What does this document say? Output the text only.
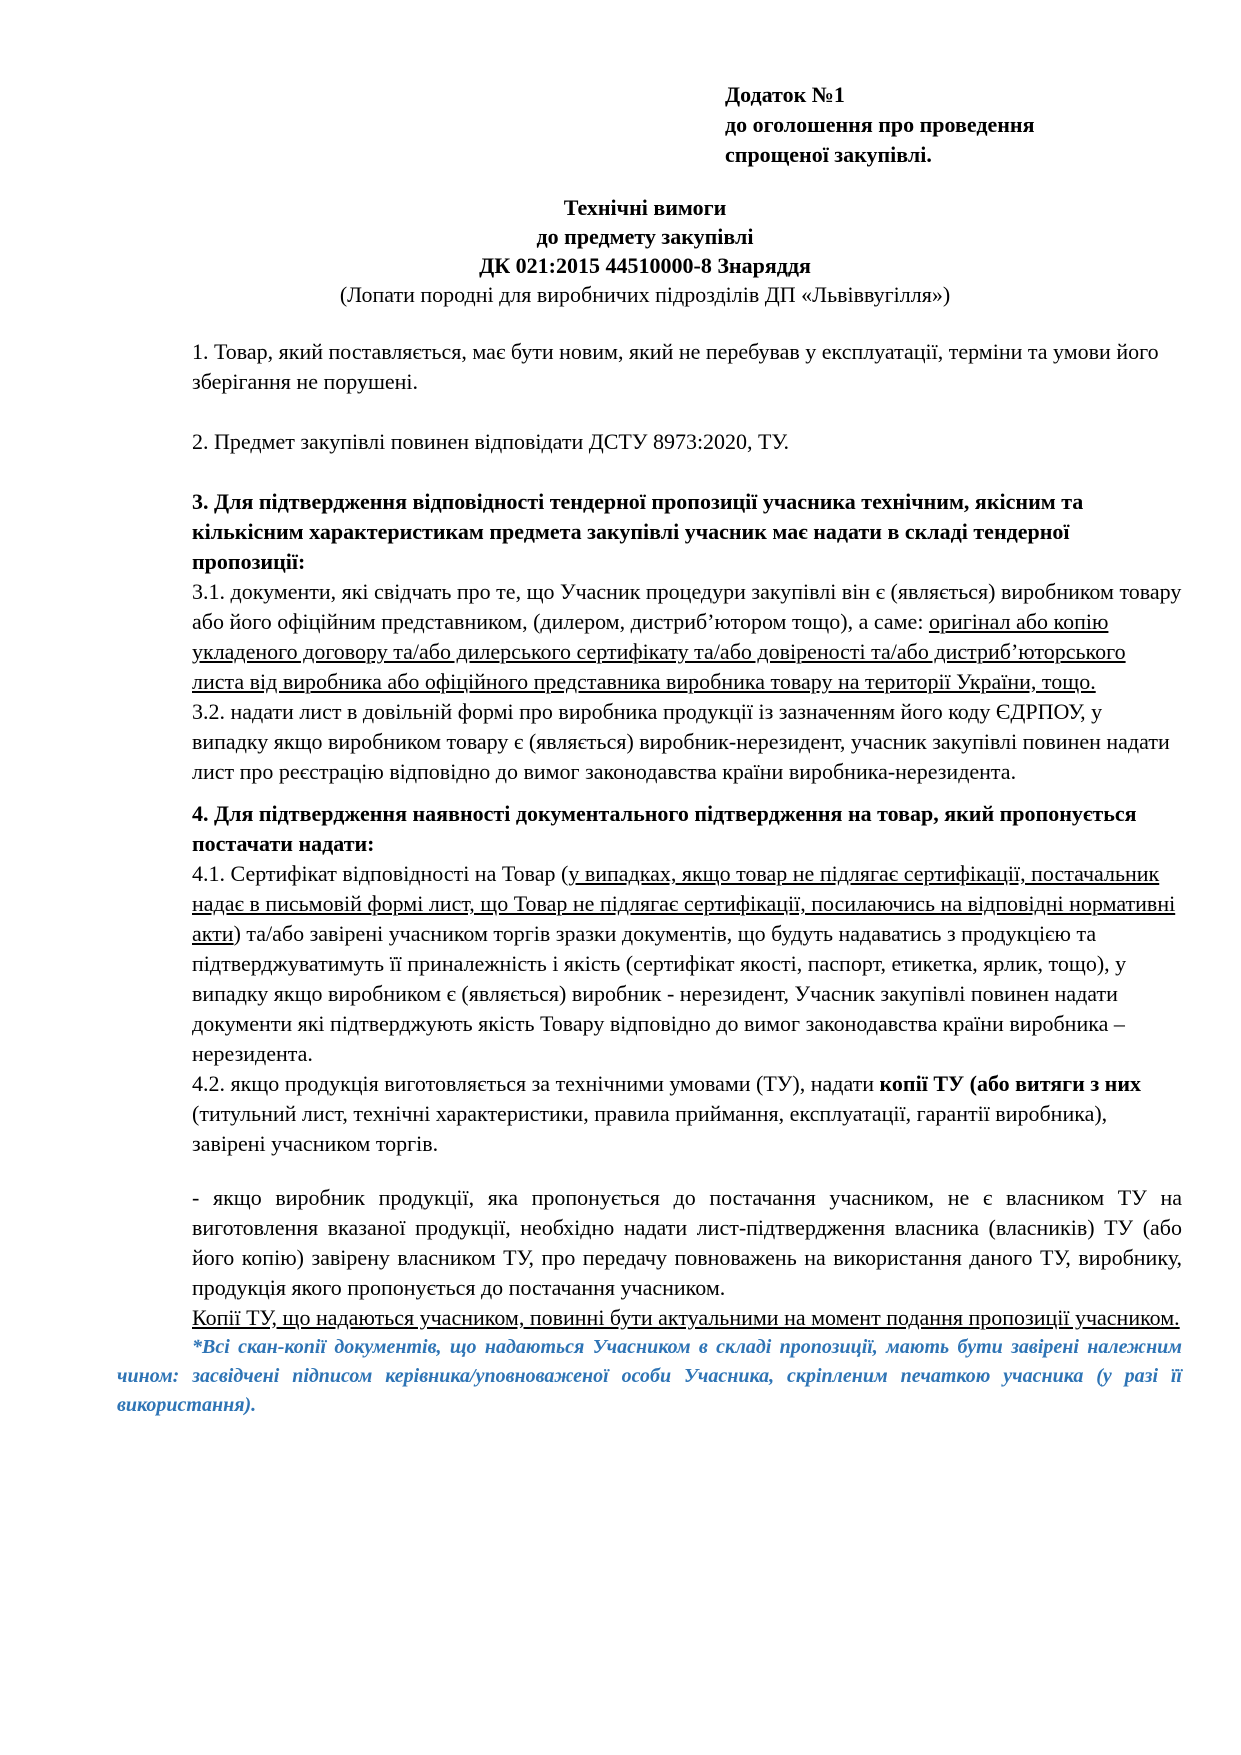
Додаток №1
до оголошення про проведення
спрощеної закупівлі.
Технічні вимоги
до предмету закупівлі
ДК 021:2015 44510000-8 Знаряддя
(Лопати породні для виробничих підрозділів ДП «Львіввугілля»)

1. Товар, який поставляється, має бути новим, який не перебував у експлуатації, терміни та умови його зберігання не порушені.

2. Предмет закупівлі повинен відповідати ДСТУ 8973:2020, ТУ.

3. Для підтвердження відповідності тендерної пропозиції учасника технічним, якісним та кількісним характеристикам предмета закупівлі учасник має надати в складі тендерної пропозиції:

3.1. документи, які свідчать про те, що Учасник процедури закупівлі він є (являється) виробником товару або його офіційним представником, (дилером, дистриб’ютором тощо), а саме: оригінал або копію укладеного договору та/або дилерського сертифікату та/або довіреності та/або дистриб’юторського листа від виробника або офіційного представника виробника товару на території України, тощо.

3.2. надати лист в довільній формі про виробника продукції із зазначенням його коду ЄДРПОУ, у випадку якщо виробником товару є (являється) виробник-нерезидент, учасник закупівлі повинен надати лист про реєстрацію відповідно до вимог законодавства країни виробника-нерезидента.

4. Для підтвердження наявності документального підтвердження на товар, який пропонується постачати надати:

4.1. Сертифікат відповідності на Товар (у випадках, якщо товар не підлягає сертифікації, постачальник надає в письмовій формі лист, що Товар не підлягає сертифікації, посилаючись на відповідні нормативні акти) та/або завірені учасником торгів зразки документів, що будуть надаватись з продукцією та підтверджуватимуть її приналежність і якість (сертифікат якості, паспорт, етикетка, ярлик, тощо), у випадку якщо виробником є (являється) виробник - нерезидент, Учасник закупівлі повинен надати документи які підтверджують якість Товару відповідно до вимог законодавства країни виробника – нерезидента.

4.2. якщо продукція виготовляється за технічними умовами (ТУ), надати копії ТУ (або витяги з них (титульний лист, технічні характеристики, правила приймання, експлуатації, гарантії виробника), завірені учасником торгів.

- якщо виробник продукції, яка пропонується до постачання учасником, не є власником ТУ на виготовлення вказаної продукції, необхідно надати лист-підтвердження власника (власників) ТУ (або його копію) завірену власником ТУ, про передачу повноважень на використання даного ТУ, виробнику, продукція якого пропонується до постачання учасником.

Копії ТУ, що надаються учасником, повинні бути актуальними на момент подання пропозиції учасником.

*Всі скан-копії документів, що надаються Учасником в складі пропозиції, мають бути завірені належним чином: засвідчені підписом керівника/уповноваженої особи Учасника, скріпленим печаткою учасника (у разі її використання).
